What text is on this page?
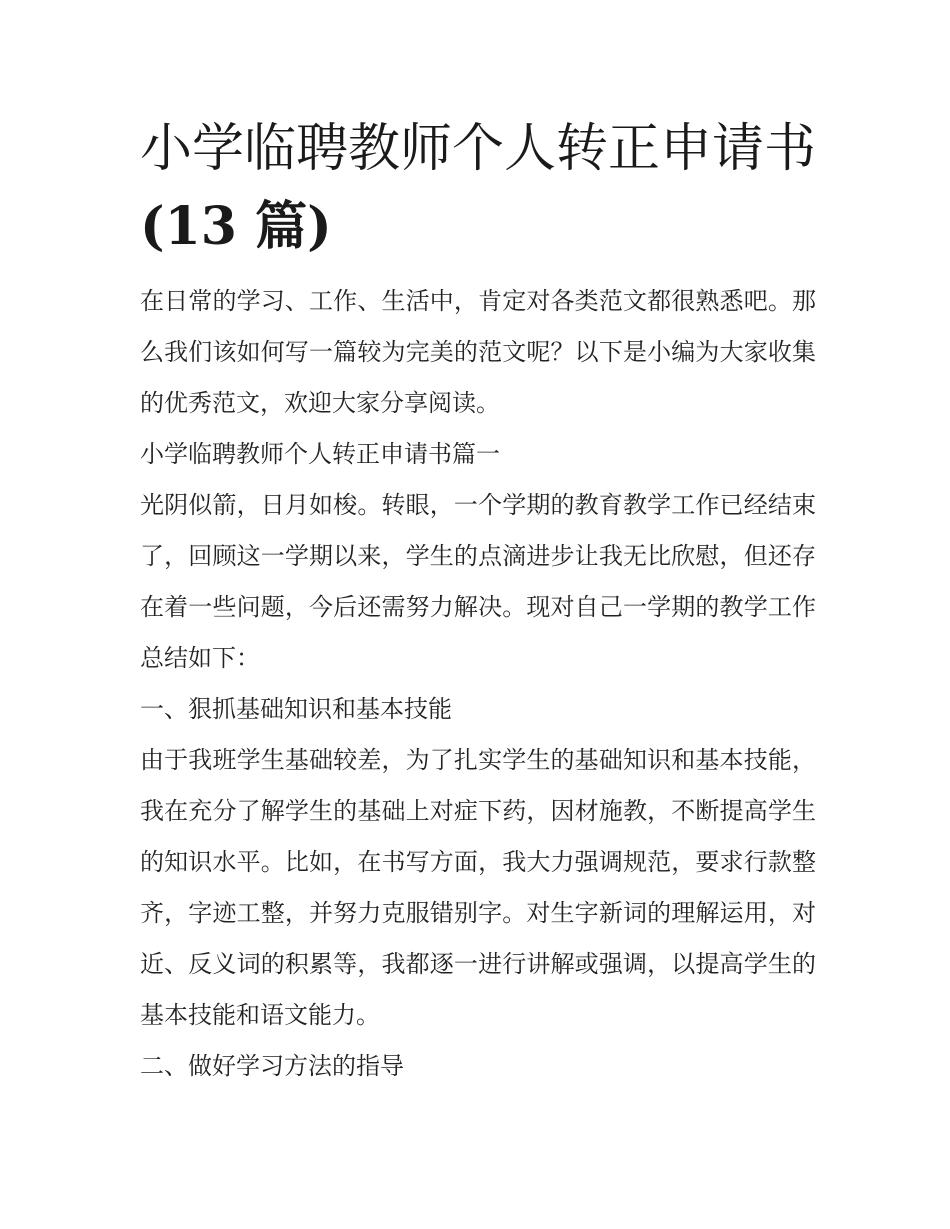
小学临聘教师个人转正申请书
(13 篇)

在日常的学习、工作、生活中，肯定对各类范文都很熟悉吧。那么我们该如何写一篇较为完美的范文呢？以下是小编为大家收集的优秀范文，欢迎大家分享阅读。

小学临聘教师个人转正申请书篇一

光阴似箭，日月如梭。转眼，一个学期的教育教学工作已经结束了，回顾这一学期以来，学生的点滴进步让我无比欣慰，但还存在着一些问题，今后还需努力解决。现对自己一学期的教学工作总结如下：

一、狠抓基础知识和基本技能

由于我班学生基础较差，为了扎实学生的基础知识和基本技能，我在充分了解学生的基础上对症下药，因材施教，不断提高学生的知识水平。比如，在书写方面，我大力强调规范，要求行款整齐，字迹工整，并努力克服错别字。对生字新词的理解运用，对近、反义词的积累等，我都逐一进行讲解或强调，以提高学生的基本技能和语文能力。

二、做好学习方法的指导
